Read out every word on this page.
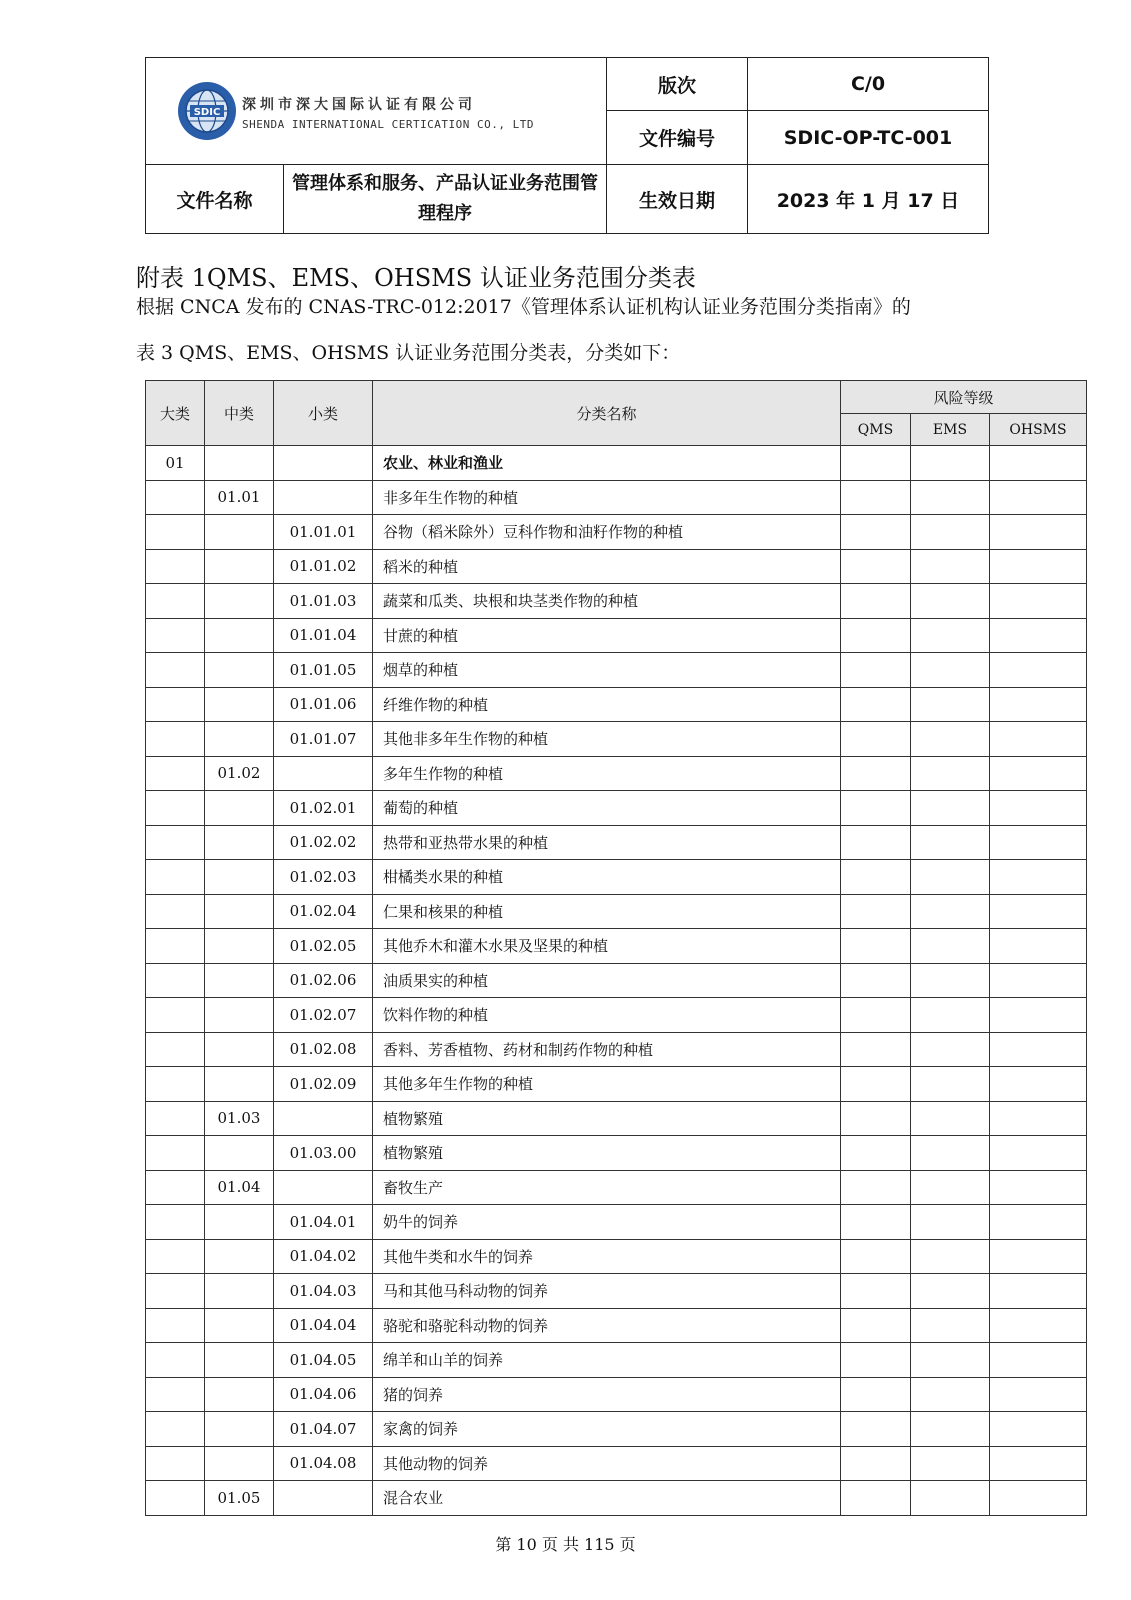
SDIC 深圳市深大国际认证有限公司
SHENDA INTERNATIONAL CERTICATION CO., LTD		版次	C/0
		文件编号	SDIC-OP-TC-001
文件名称	管理体系和服务、产品认证业务范围管理程序	生效日期	2023 年 1 月 17 日
附表 1QMS、EMS、OHSMS 认证业务范围分类表
根据 CNCA 发布的 CNAS-TRC-012:2017《管理体系认证机构认证业务范围分类指南》的
表 3 QMS、EMS、OHSMS 认证业务范围分类表，分类如下：
大类	中类	小类	分类名称	风险等级		
				QMS	EMS	OHSMS
01			农业、林业和渔业			
	01.01		非多年生作物的种植			
		01.01.01	谷物（稻米除外）豆科作物和油籽作物的种植			
		01.01.02	稻米的种植			
		01.01.03	蔬菜和瓜类、块根和块茎类作物的种植			
		01.01.04	甘蔗的种植			
		01.01.05	烟草的种植			
		01.01.06	纤维作物的种植			
		01.01.07	其他非多年生作物的种植			
	01.02		多年生作物的种植			
		01.02.01	葡萄的种植			
		01.02.02	热带和亚热带水果的种植			
		01.02.03	柑橘类水果的种植			
		01.02.04	仁果和核果的种植			
		01.02.05	其他乔木和灌木水果及坚果的种植			
		01.02.06	油质果实的种植			
		01.02.07	饮料作物的种植			
		01.02.08	香料、芳香植物、药材和制药作物的种植			
		01.02.09	其他多年生作物的种植			
	01.03		植物繁殖			
		01.03.00	植物繁殖			
	01.04		畜牧生产			
		01.04.01	奶牛的饲养			
		01.04.02	其他牛类和水牛的饲养			
		01.04.03	马和其他马科动物的饲养			
		01.04.04	骆驼和骆驼科动物的饲养			
		01.04.05	绵羊和山羊的饲养			
		01.04.06	猪的饲养			
		01.04.07	家禽的饲养			
		01.04.08	其他动物的饲养			
	01.05		混合农业			
第 10 页 共 115 页
